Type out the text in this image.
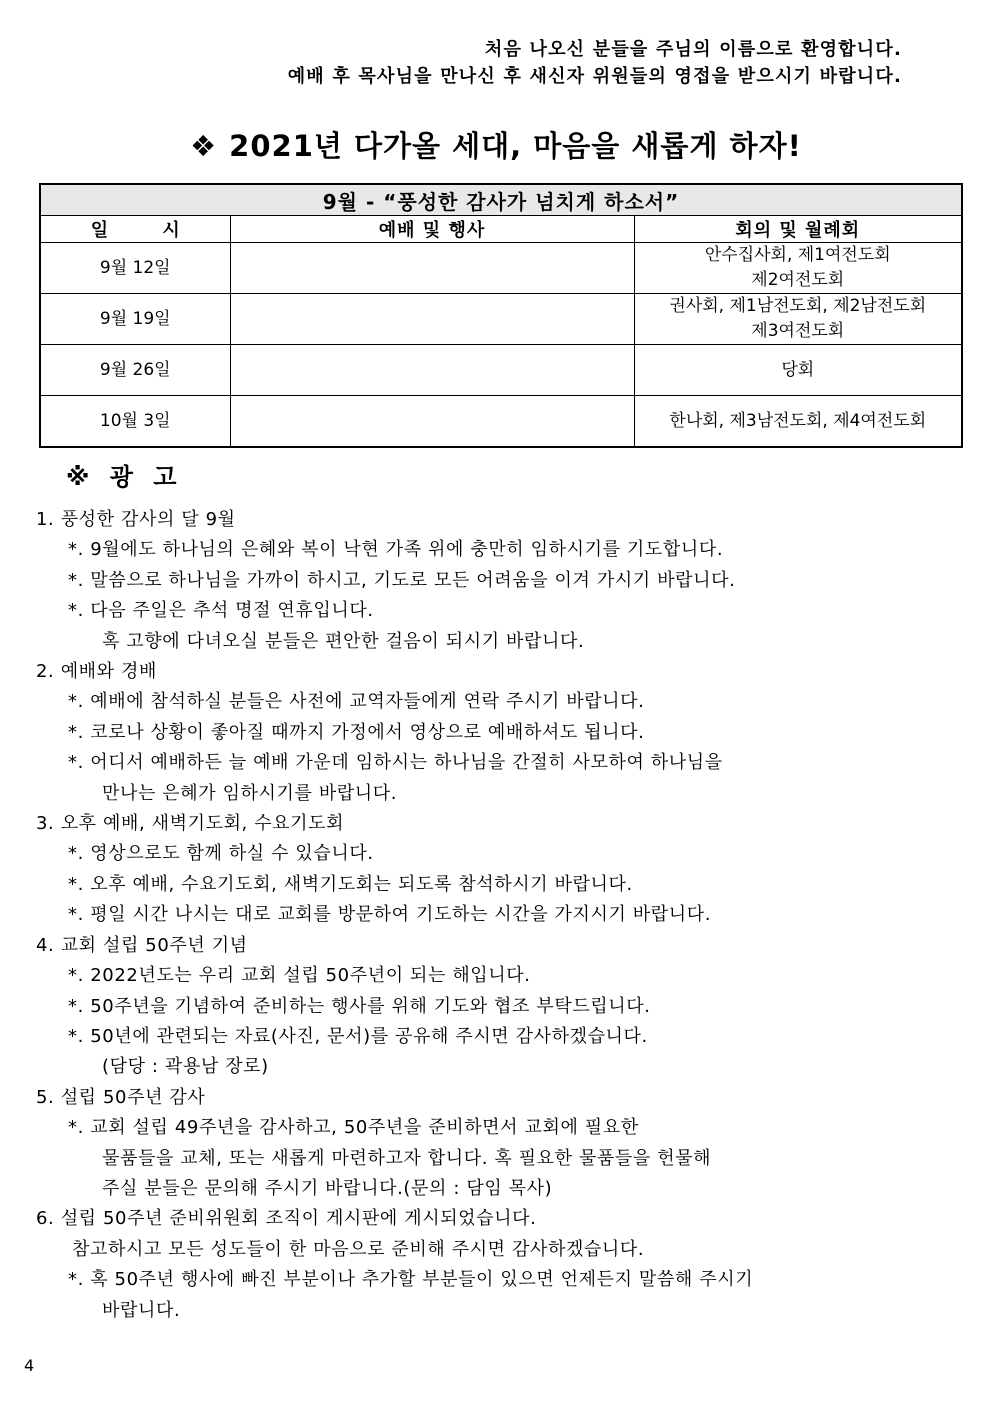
처음 나오신 분들을 주님의 이름으로 환영합니다.
예배 후 목사님을 만나신 후 새신자 위원들의 영접을 받으시기 바랍니다.
❖ 2021년 다가올 세대, 마음을 새롭게 하자!
9월 - “풍성한 감사가 넘치게 하소서”		
일 시	예배 및 행사	회의 및 월례회
9월 12일		안수집사회, 제1여전도회
제2여전도회

9월 19일		권사회, 제1남전도회, 제2남전도회
제3여전도회

9월 26일		당회

10월 3일		한나회, 제3남전도회, 제4여전도회
※ 광 고
1. 풍성한 감사의 달 9월
*. 9월에도 하나님의 은혜와 복이 낙현 가족 위에 충만히 임하시기를 기도합니다.
*. 말씀으로 하나님을 가까이 하시고, 기도로 모든 어려움을 이겨 가시기 바랍니다.
*. 다음 주일은 추석 명절 연휴입니다.
혹 고향에 다녀오실 분들은 편안한 걸음이 되시기 바랍니다.
2. 예배와 경배
*. 예배에 참석하실 분들은 사전에 교역자들에게 연락 주시기 바랍니다.
*. 코로나 상황이 좋아질 때까지 가정에서 영상으로 예배하셔도 됩니다.
*. 어디서 예배하든 늘 예배 가운데 임하시는 하나님을 간절히 사모하여 하나님을
만나는 은혜가 임하시기를 바랍니다.
3. 오후 예배, 새벽기도회, 수요기도회
*. 영상으로도 함께 하실 수 있습니다.
*. 오후 예배, 수요기도회, 새벽기도회는 되도록 참석하시기 바랍니다.
*. 평일 시간 나시는 대로 교회를 방문하여 기도하는 시간을 가지시기 바랍니다.
4. 교회 설립 50주년 기념
*. 2022년도는 우리 교회 설립 50주년이 되는 해입니다.
*. 50주년을 기념하여 준비하는 행사를 위해 기도와 협조 부탁드립니다.
*. 50년에 관련되는 자료(사진, 문서)를 공유해 주시면 감사하겠습니다.
(담당 : 곽용남 장로)
5. 설립 50주년 감사
*. 교회 설립 49주년을 감사하고, 50주년을 준비하면서 교회에 필요한
물품들을 교체, 또는 새롭게 마련하고자 합니다. 혹 필요한 물품들을 헌물해
주실 분들은 문의해 주시기 바랍니다.(문의 : 담임 목사)
6. 설립 50주년 준비위원회 조직이 게시판에 게시되었습니다.
참고하시고 모든 성도들이 한 마음으로 준비해 주시면 감사하겠습니다.
*. 혹 50주년 행사에 빠진 부분이나 추가할 부분들이 있으면 언제든지 말씀해 주시기
바랍니다.
4
